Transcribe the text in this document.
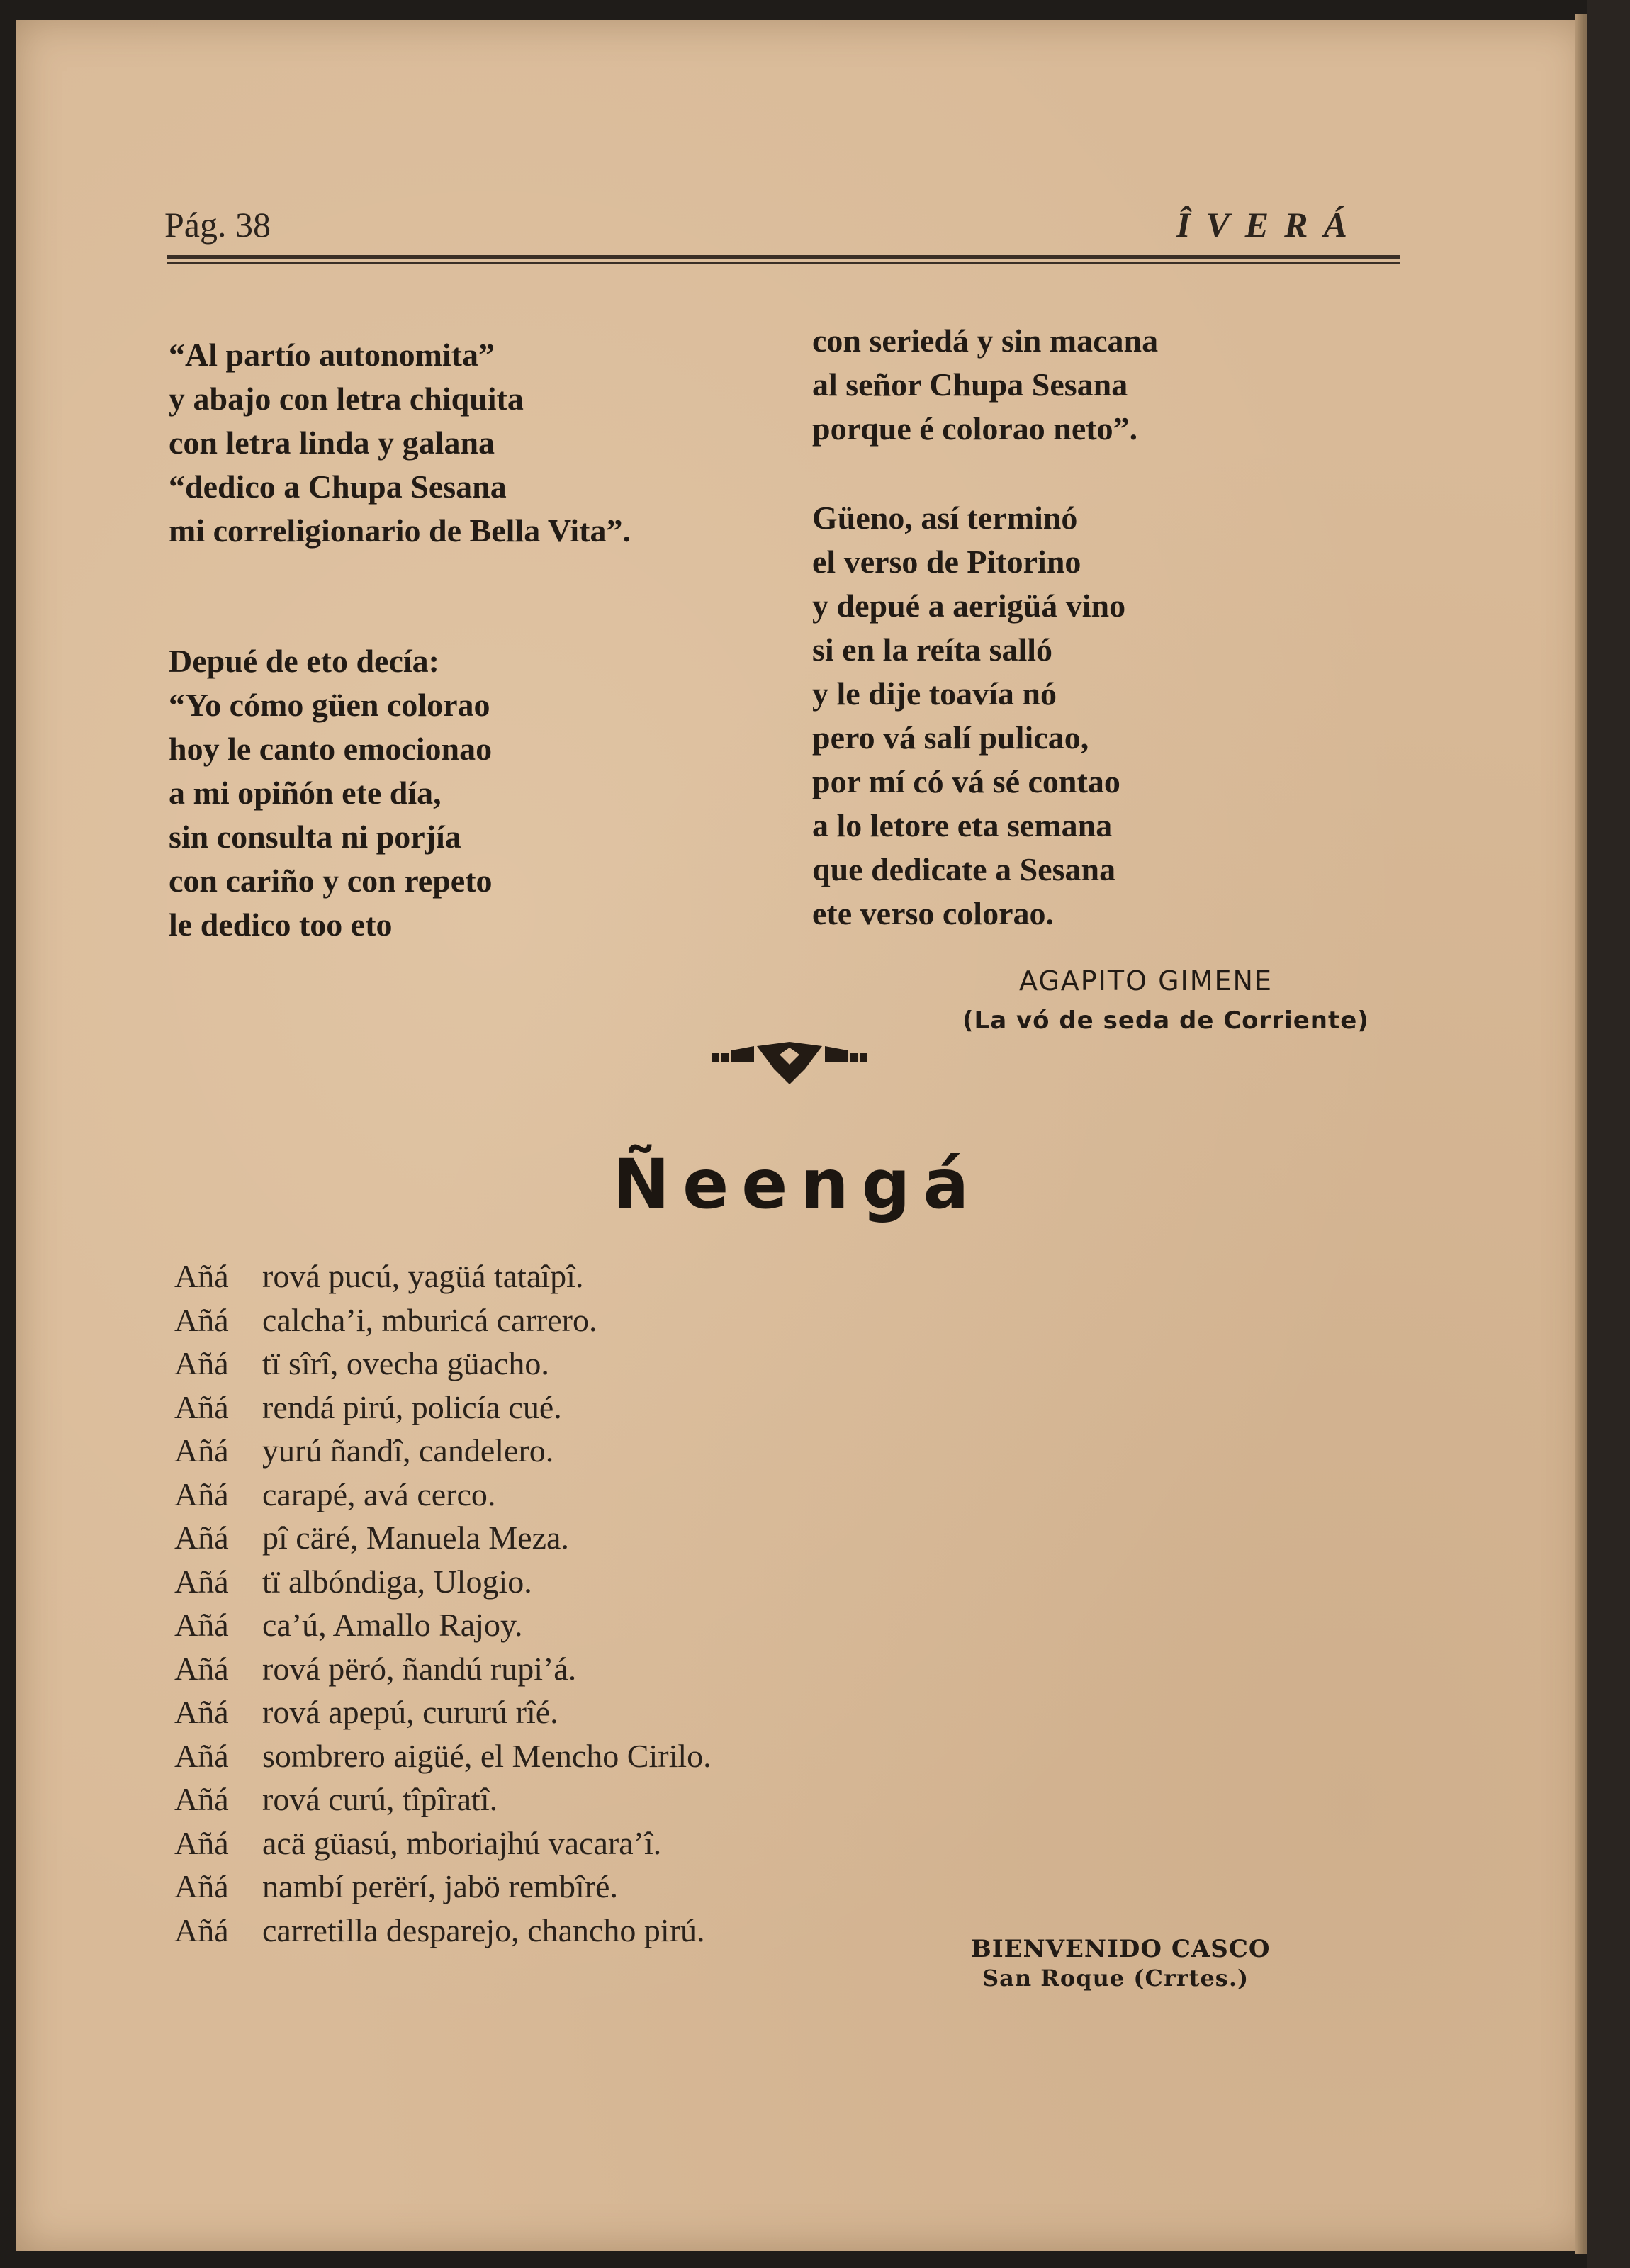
Pág. 38	ÎVERÁ
“Al partío autonomita”
y abajo con letra chiquita
con letra linda y galana
“dedico a Chupa Sesana
mi correligionario de Bella Vita”.
Depué de eto decía:
“Yo cómo güen colorao
hoy le canto emocionao
a mi opiñón ete día,
sin consulta ni porjía
con cariño y con repeto
le dedico too eto
con seriedá y sin macana
al señor Chupa Sesana
porque é colorao neto”.
Güeno, así terminó
el verso de Pitorino
y depué a aerigüá vino
si en la reíta salló
y le dije toavía nó
pero vá salí pulicao,
por mí có vá sé contao
a lo letore eta semana
que dedicate a Sesana
ete verso colorao.
AGAPITO GIMENE
(La vó de seda de Corriente)
Ñeengá
Añá rová pucú, yagüá tataîpî.
Añá calcha’i, mburicá carrero.
Añá tï sîrî, ovecha güacho.
Añá rendá pirú, policía cué.
Añá yurú ñandî, candelero.
Añá carapé, avá cerco.
Añá pî cäré, Manuela Meza.
Añá tï albóndiga, Ulogio.
Añá ca’ú, Amallo Rajoy.
Añá rová përó, ñandú rupi’á.
Añá rová apepú, cururú rîé.
Añá sombrero aigüé, el Mencho Cirilo.
Añá rová curú, tîpîratî.
Añá acä güasú, mboriajhú vacara’î.
Añá nambí perërí, jabö rembîré.
Añá carretilla desparejo, chancho pirú.
BIENVENIDO CASCO
San Roque (Crrtes.)
